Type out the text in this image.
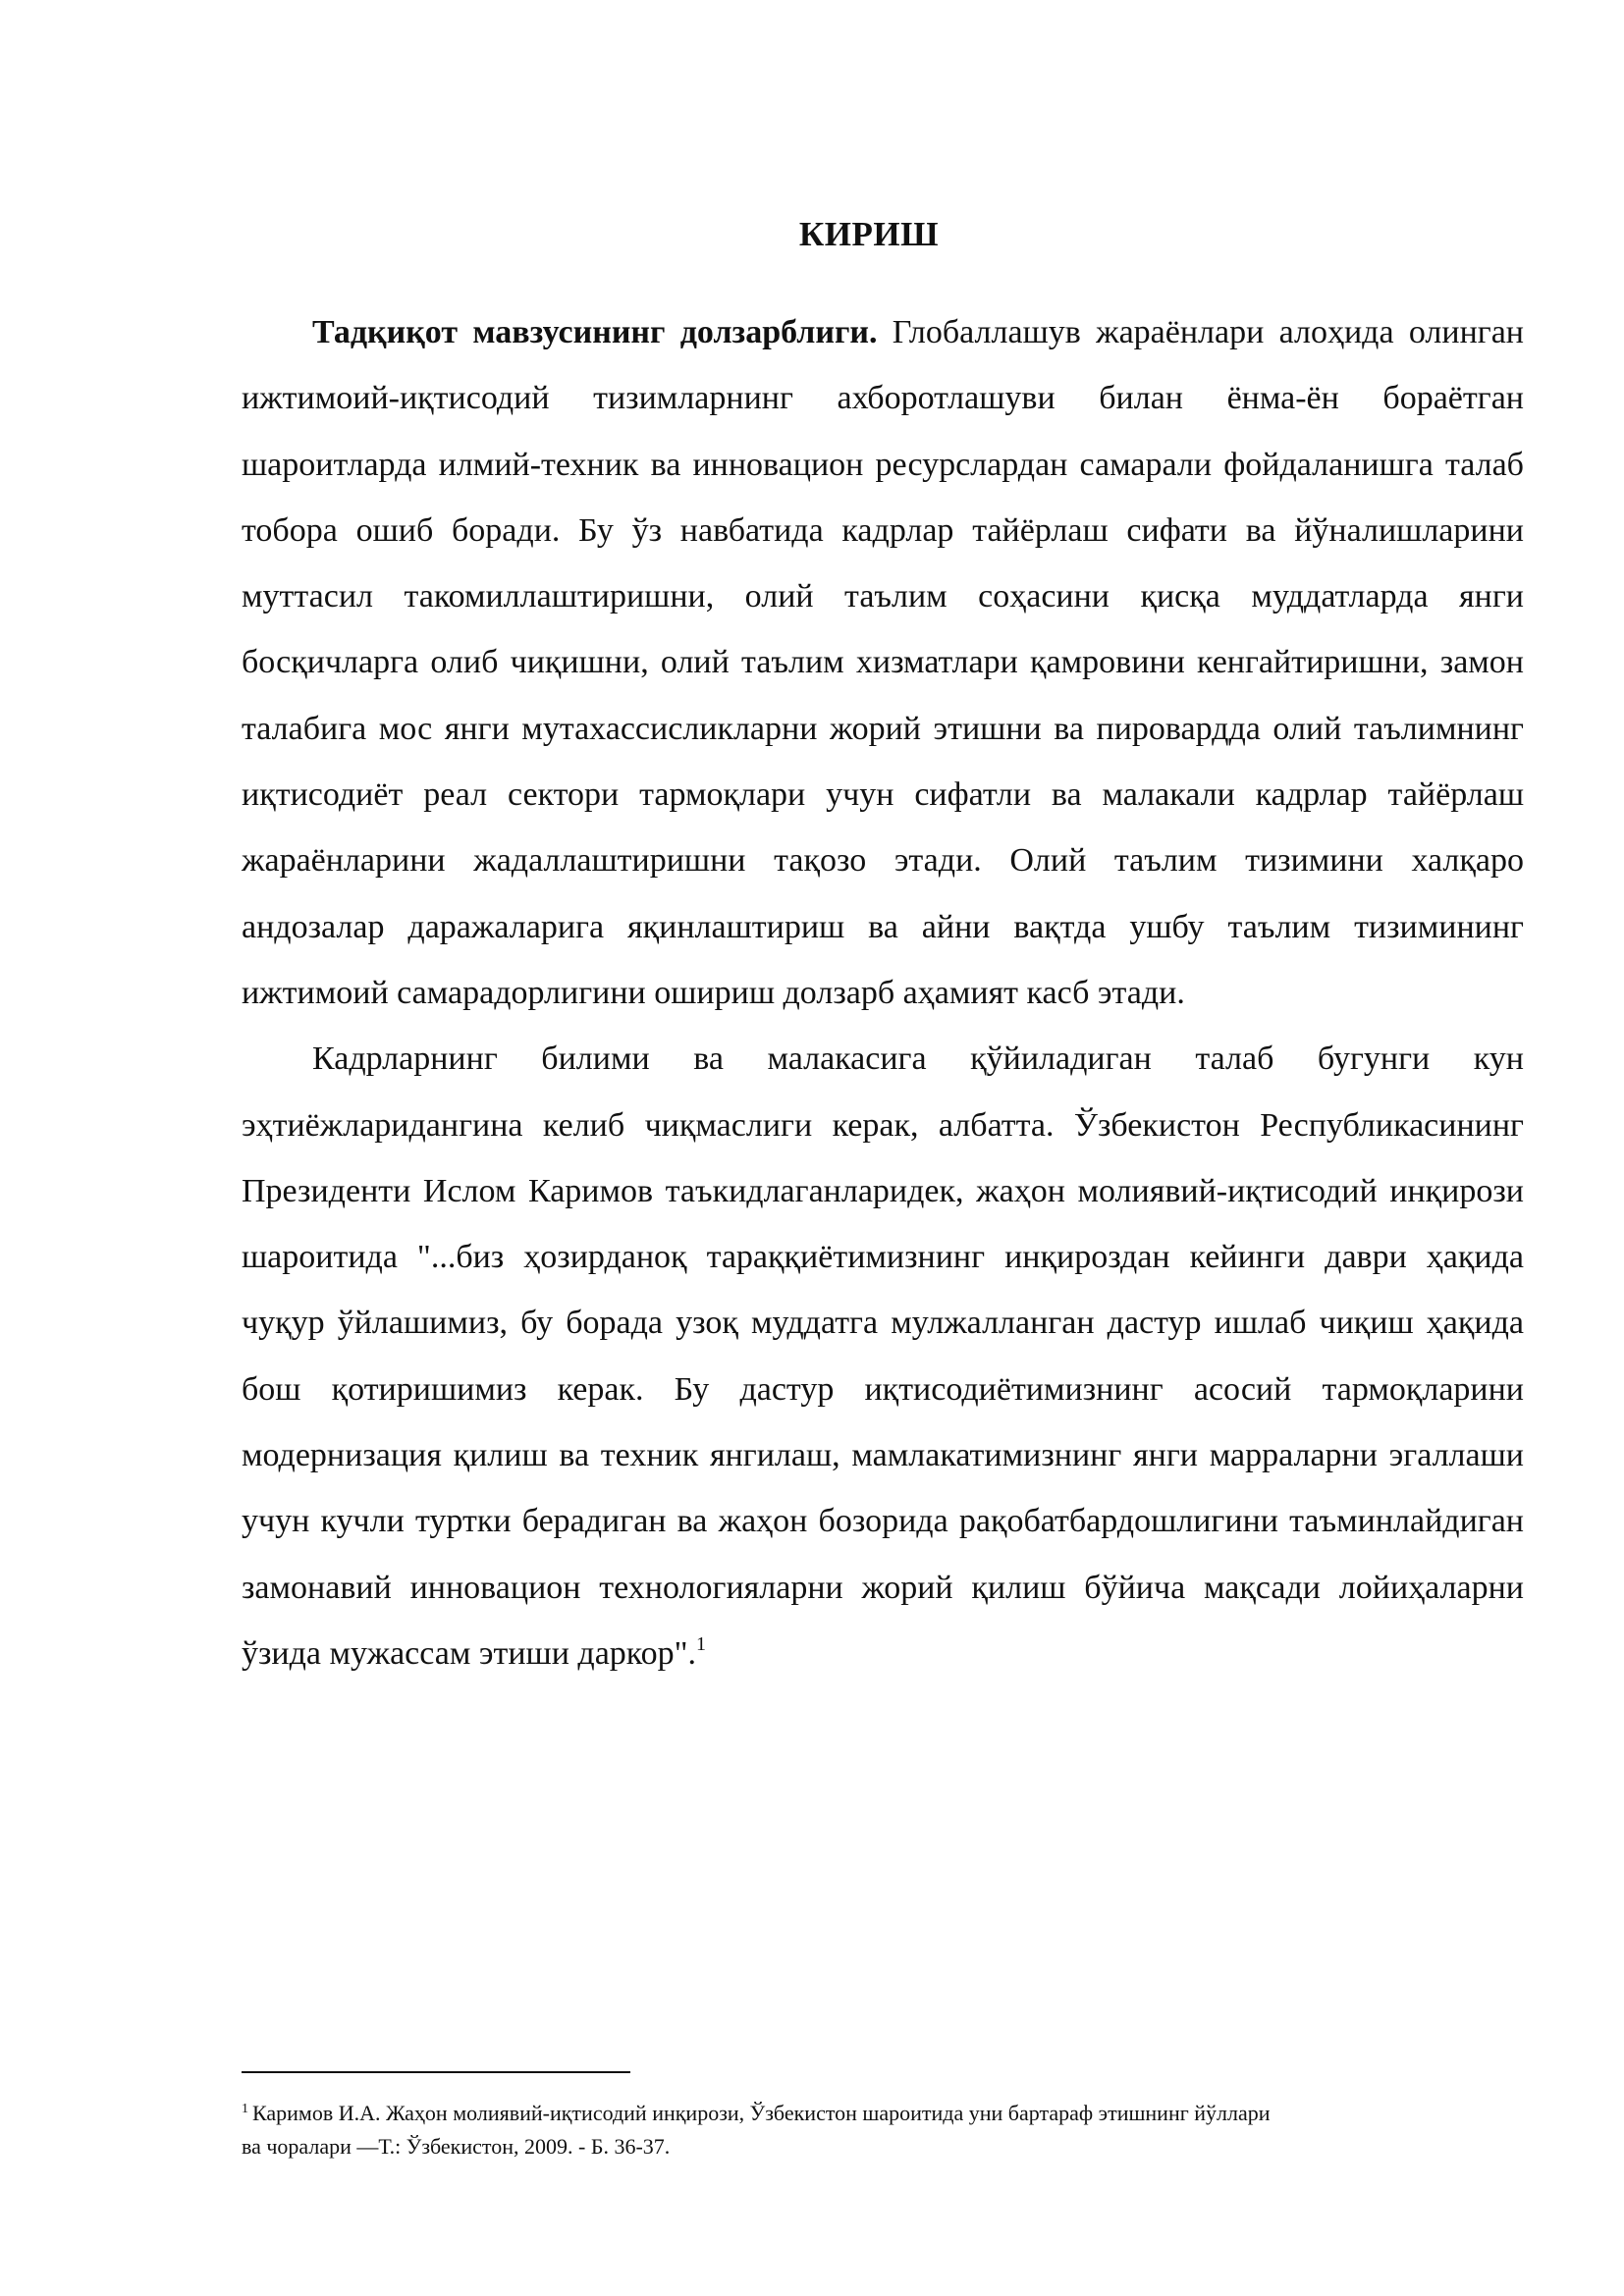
КИРИШ

Тадқиқот мавзусининг долзарблиги. Глобаллашув жараёнлари алоҳида олинган ижтимоий-иқтисодий тизимларнинг ахборотлашуви билан ёнма-ён бораётган шароитларда илмий-техник ва инновацион ресурслардан самарали фойдаланишга талаб тобора ошиб боради. Бу ўз навбатида кадрлар тайёрлаш сифати ва йўналишларини муттасил такомиллаштиришни, олий таълим соҳасини қисқа муддатларда янги босқичларга олиб чиқишни, олий таълим хизматлари қамровини кенгайтиришни, замон талабига мос янги мутахассисликларни жорий этишни ва пировардда олий таълимнинг иқтисодиёт реал сектори тармоқлари учун сифатли ва малакали кадрлар тайёрлаш жараёнларини жадаллаштиришни тақозо этади. Олий таълим тизимини халқаро андозалар даражаларига яқинлаштириш ва айни вақтда ушбу таълим тизимининг ижтимоий самарадорлигини ошириш долзарб аҳамият касб этади.

Кадрларнинг билими ва малакасига қўйиладиган талаб бугунги кун эҳтиёжларидангина келиб чиқмаслиги керак, албатта. Ўзбекистон Республикасининг Президенти Ислом Каримов таъкидлаганларидек, жаҳон молиявий-иқтисодий инқирози шароитида "...биз ҳозирданоқ тараққиётимизнинг инқироздан кейинги даври ҳақида чуқур ўйлашимиз, бу борада узоқ муддатга мулжалланган дастур ишлаб чиқиш ҳақида бош қотиришимиз керак. Бу дастур иқтисодиётимизнинг асосий тармоқларини модернизация қилиш ва техник янгилаш, мамлакатимизнинг янги марраларни эгаллаши учун кучли туртки берадиган ва жаҳон бозорида рақобатбардошлигини таъминлайдиган замонавий инновацион технологияларни жорий қилиш бўйича мақсади лойиҳаларни ўзида мужассам этиши даркор".$^1$

$^1$ Каримов И.А. Жаҳон молиявий-иқтисодий инқирози, Ўзбекистон шароитида уни бартараф этишнинг йўллари
ва чоралари —Т.: Ўзбекистон, 2009. - Б. 36-37.
